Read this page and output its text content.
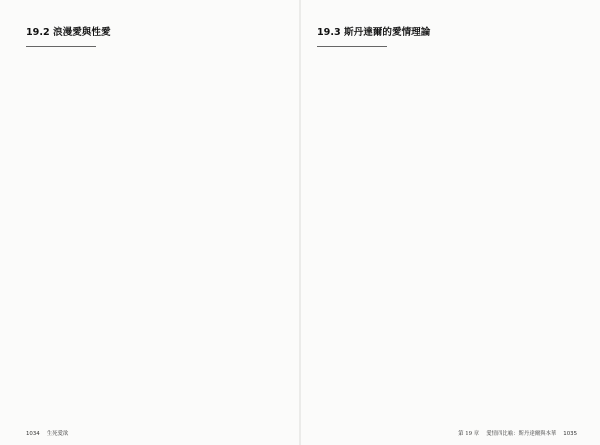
19.2 浪漫愛與性愛

1034 生死愛欲

19.3 斯丹達爾的愛情理論

第 19 章 愛情四比喻：斯丹達爾與本華 1035
